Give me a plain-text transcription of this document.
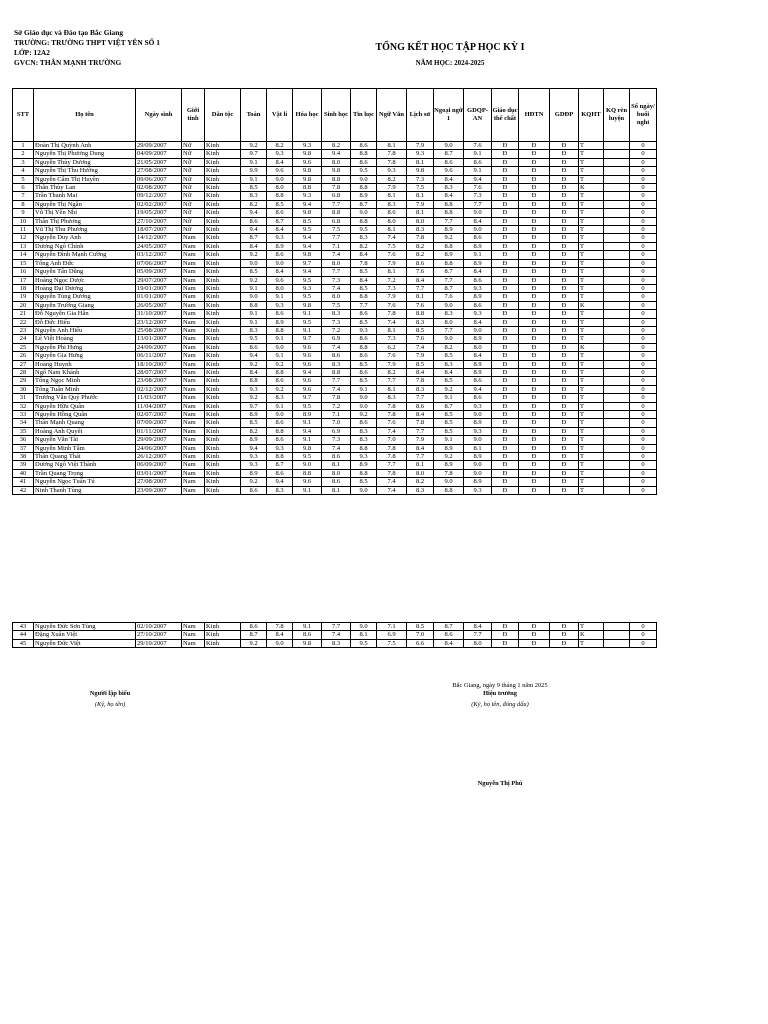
Sở Giáo dục và Đào tạo Bắc Giang
TRƯỜNG: TRƯỜNG THPT VIỆT YÊN SỐ 1
LỚP: 12A2
GVCN: THÂN MẠNH TRƯỜNG
TỔNG KẾT HỌC TẬP HỌC KỲ I
NĂM HỌC: 2024-2025
STT	Họ tên	Ngày sinh	Giới tính	Dân tộc	Toán	Vật lí	Hóa học	Sinh học	Tin học	Ngữ Văn	Lịch sử	Ngoại ngữ 1	GDQP-AN	Giáo dục thể chất	HĐTN	GDĐP	KQHT	KQ rèn luyện	Số ngày/ buổi nghỉ
1	Đoàn Thị Quỳnh Anh	29/09/2007	Nữ	Kinh	9.2	8.2	9.3	8.2	8.6	8.1	7.9	9.0	7.6	Đ	Đ	Đ	T		0
2	Nguyễn Thị Phương Dung	04/09/2007	Nữ	Kinh	9.7	9.3	9.8	9.4	8.8	7.8	9.3	8.7	9.1	Đ	Đ	Đ	T		0
3	Nguyễn Thùy Dương	21/05/2007	Nữ	Kinh	9.1	8.4	9.6	8.0	8.6	7.8	8.1	8.6	8.6	Đ	Đ	Đ	T		0
4	Nguyễn Thị Thu Hường	27/08/2007	Nữ	Kinh	9.9	9.6	9.8	9.8	9.5	9.3	9.8	9.6	9.1	Đ	Đ	Đ	T		0
5	Nguyễn Cẩm Thị Huyền	09/06/2007	Nữ	Kinh	9.1	9.0	9.8	8.8	9.0	8.2	7.3	8.4	9.4	Đ	Đ	Đ	T		0
6	Thân Thùy Lan	02/08/2007	Nữ	Kinh	8.5	8.0	8.8	7.8	8.8	7.9	7.5	8.3	7.6	Đ	Đ	Đ	K		0
7	Trần Thanh Mai	09/12/2007	Nữ	Kinh	8.3	8.8	9.3	6.8	8.9	8.1	8.1	8.4	7.3	Đ	Đ	Đ	T		0
8	Nguyễn Thị Ngân	02/02/2007	Nữ	Kinh	8.2	8.5	9.4	7.7	8.7	8.3	7.9	8.8	7.7	Đ	Đ	Đ	T		0
9	Vũ Thị Yến Nhi	19/05/2007	Nữ	Kinh	9.4	8.6	9.8	8.8	9.0	8.6	8.1	8.8	9.0	Đ	Đ	Đ	T		0
10	Thân Thị Phương	27/10/2007	Nữ	Kinh	8.6	8.7	8.5	6.8	8.8	8.0	8.0	7.7	8.4	Đ	Đ	Đ	T		0
11	Vũ Thị Thu Phương	18/07/2007	Nữ	Kinh	9.4	8.4	9.5	7.5	9.5	8.1	8.3	8.9	9.0	Đ	Đ	Đ	T		0
12	Nguyễn Duy Anh	14/12/2007	Nam	Kinh	8.7	9.3	9.4	7.7	8.3	7.4	7.8	9.2	8.6	Đ	Đ	Đ	T		0
13	Dương Ngô Chính	24/05/2007	Nam	Kinh	8.4	8.9	9.4	7.1	8.2	7.5	8.2	8.8	8.9	Đ	Đ	Đ	T		0
14	Nguyễn Đình Mạnh Cường	03/12/2007	Nam	Kinh	9.2	8.6	9.8	7.4	8.4	7.6	8.2	8.9	9.1	Đ	Đ	Đ	T		0
15	Tống Anh Đức	07/06/2007	Nam	Kinh	9.0	9.0	9.7	8.0	7.8	7.9	8.6	8.8	8.9	Đ	Đ	Đ	T		0
16	Nguyễn Tấn Dũng	05/09/2007	Nam	Kinh	8.5	8.4	9.4	7.7	8.5	8.1	7.6	8.7	8.4	Đ	Đ	Đ	T		0
17	Hoàng Ngọc Dược	29/07/2007	Nam	Kinh	9.2	9.6	9.5	7.3	8.4	7.2	8.4	7.7	8.6	Đ	Đ	Đ	T		0
18	Hoàng Đại Dương	19/01/2007	Nam	Kinh	9.1	8.0	9.3	7.4	8.5	7.3	7.7	8.7	9.3	Đ	Đ	Đ	T		0
19	Nguyễn Tùng Dương	01/01/2007	Nam	Kinh	9.0	9.1	9.5	8.0	8.8	7.9	8.1	7.6	8.9	Đ	Đ	Đ	T		0
20	Nguyễn Trường Giang	26/05/2007	Nam	Kinh	8.8	9.3	9.8	7.5	7.7	7.6	7.6	9.0	8.6	Đ	Đ	Đ	K		0
21	Đỗ Nguyễn Gia Hân	31/10/2007	Nam	Kinh	9.1	8.6	9.1	8.3	8.6	7.8	8.8	8.3	9.3	Đ	Đ	Đ	T		0
22	Đỗ Đức Hiếu	23/12/2007	Nam	Kinh	9.1	8.9	9.5	7.3	8.5	7.4	8.3	8.0	8.4	Đ	Đ	Đ	T		0
23	Nguyễn Anh Hiếu	25/08/2007	Nam	Kinh	8.3	8.8	9.1	7.2	9.3	8.1	8.5	7.7	9.0	Đ	Đ	Đ	T		0
24	Lê Việt Hoàng	13/01/2007	Nam	Kinh	9.5	9.1	9.7	6.9	8.6	7.3	7.6	9.0	8.9	Đ	Đ	Đ	T		0
25	Nguyễn Phi Hưng	24/09/2007	Nam	Kinh	8.6	9.0	9.6	7.4	8.8	6.2	7.4	8.2	8.0	Đ	Đ	Đ	K		0
26	Nguyễn Gia Hưng	06/11/2007	Nam	Kinh	9.4	9.1	9.6	8.6	8.6	7.6	7.9	8.5	8.4	Đ	Đ	Đ	T		0
27	Hoàng Huynh	18/10/2007	Nam	Kinh	9.2	9.2	9.6	8.3	8.5	7.9	8.5	8.3	8.9	Đ	Đ	Đ	T		0
28	Ngô Nam Khánh	28/07/2007	Nam	Kinh	8.4	8.8	9.4	8.8	8.6	8.2	8.4	8.4	8.9	Đ	Đ	Đ	T		0
29	Tống Ngọc Minh	23/08/2007	Nam	Kinh	8.8	8.6	9.6	7.7	8.5	7.7	7.8	8.5	8.6	Đ	Đ	Đ	T		0
30	Tống Tuấn Minh	02/12/2007	Nam	Kinh	9.3	9.2	9.6	7.4	9.1	8.1	8.3	9.2	9.4	Đ	Đ	Đ	T		0
31	Trương Văn Quý Phước	11/03/2007	Nam	Kinh	9.2	8.3	9.7	7.8	9.0	8.3	7.7	9.1	8.6	Đ	Đ	Đ	T		0
32	Nguyễn Hữu Quân	11/04/2007	Nam	Kinh	9.7	9.1	9.5	7.2	9.0	7.8	8.6	8.7	9.3	Đ	Đ	Đ	T		0
33	Nguyễn Hồng Quân	02/07/2007	Nam	Kinh	8.9	9.0	8.9	7.1	9.2	7.8	8.4	8.5	9.0	Đ	Đ	Đ	T		0
34	Thân Mạnh Quang	07/09/2007	Nam	Kinh	8.5	8.6	9.1	7.0	8.6	7.6	7.8	8.5	8.9	Đ	Đ	Đ	T		0
35	Hoàng Anh Quyết	01/11/2007	Nam	Kinh	8.2	8.8	9.4	6.9	8.3	7.4	7.7	8.5	9.3	Đ	Đ	Đ	T		0
36	Nguyễn Văn Tài	29/09/2007	Nam	Kinh	8.9	8.6	9.1	7.3	8.3	7.0	7.9	9.1	9.0	Đ	Đ	Đ	T		0
37	Nguyễn Minh Tâm	24/06/2007	Nam	Kinh	9.4	9.3	9.8	7.4	8.8	7.8	8.4	8.9	8.1	Đ	Đ	Đ	T		0
38	Thân Quang Thái	26/12/2007	Nam	Kinh	9.3	8.8	9.5	8.6	9.3	7.8	7.7	9.2	8.9	Đ	Đ	Đ	T		0
39	Dương Ngô Việt Thành	06/09/2007	Nam	Kinh	9.3	8.7	9.0	8.1	8.9	7.7	8.1	8.9	9.0	Đ	Đ	Đ	T		0
40	Trần Quang Trọng	03/01/2007	Nam	Kinh	8.9	8.6	8.8	8.0	8.8	7.8	8.0	7.8	9.0	Đ	Đ	Đ	T		0
41	Nguyễn Ngọc Tuấn Tú	27/08/2007	Nam	Kinh	9.2	9.4	9.6	8.6	8.5	7.4	8.2	9.0	8.9	Đ	Đ	Đ	T		0
42	Ninh Thanh Tùng	23/09/2007	Nam	Kinh	8.6	8.3	9.1	8.1	9.0	7.4	8.3	8.8	9.3	Đ	Đ	Đ	T		0
43	Nguyễn Đức Sơn Tùng	02/10/2007	Nam	Kinh	8.6	7.8	9.1	7.7	9.0	7.1	8.5	8.7	8.4	Đ	Đ	Đ	T		0
44	Đặng Xuân Việt	27/10/2007	Nam	Kinh	8.7	8.4	8.6	7.4	8.1	6.9	7.0	8.6	7.7	Đ	Đ	Đ	K		0
45	Nguyễn Đức Việt	29/10/2007	Nam	Kinh	9.2	9.0	9.8	8.3	9.5	7.5	6.6	8.4	8.0	Đ	Đ	Đ	T		0
Người lập biểu
(Ký, họ tên)
Bắc Giang, ngày 9 tháng 1 năm 2025
Hiệu trưởng
(Ký, họ tên, đóng dấu)
Nguyễn Thị Phú
